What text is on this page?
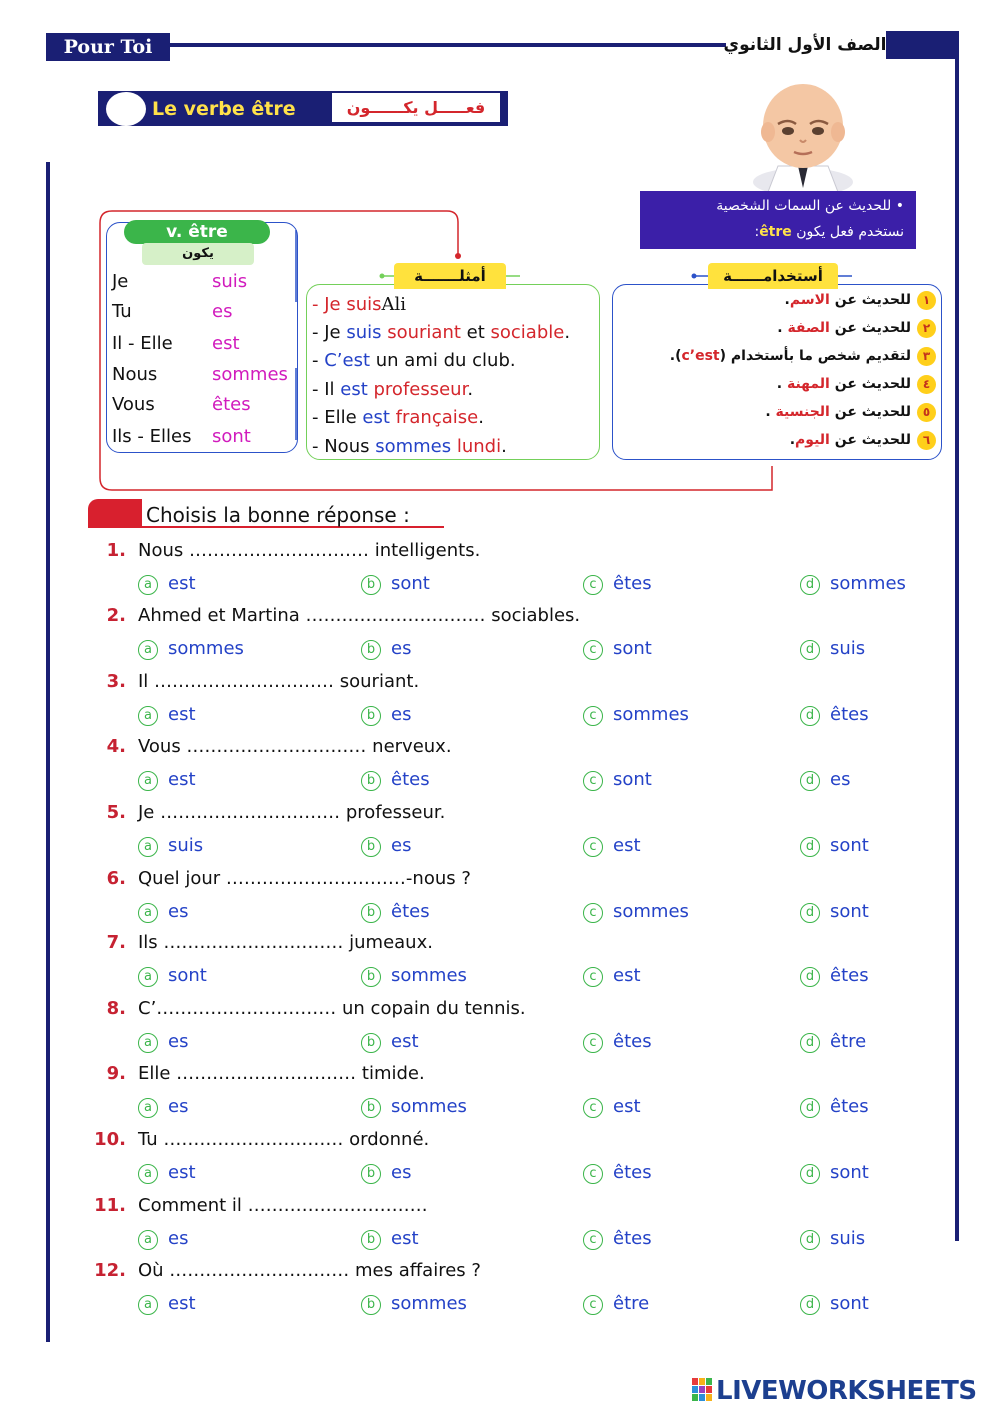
Pour Toi	الصف الأول الثانوي
Le verbe être	فعـــــل يكــــــون
• للحديث عن السمات الشخصية
نستخدم فعل يكون être:
v. être
يكون
Je	suis
Tu	es
Il - Elle est
Nous	sommes
Vous	êtes
Ils - Elles sont
أمثلـــــــة
- Je suisAli
- Je suis souriant et sociable.
- C’est un ami du club.
- Il est professeur.
- Elle est française.
- Nous sommes lundi.
أستخدامــــــة
١للحديث عن الاسم.
٢للحديث عن الصفة .
٣لتقديم شخص ما بأستخدام (c’est).
٤للحديث عن المهنة .
٥للحديث عن الجنسية .
٦للحديث عن اليوم.
Choisis la bonne réponse :
1. Nous ………………………… intelligents.
a est	b sont	c êtes	d sommes
2. Ahmed et Martina ………………………… sociables.
a sommes	b es	c sont	d suis
3. Il ………………………… souriant.
a est	b es	c sommes	d êtes
4. Vous ………………………… nerveux.
a est	b êtes	c sont	d es
5. Je ………………………… professeur.
a suis	b es	c est	d sont
6. Quel jour …………………………-nous ?
a es	b êtes	c sommes	d sont
7. Ils ………………………… jumeaux.
a sont	b sommes	c est	d êtes
8. C’………………………… un copain du tennis.
a es	b est	c êtes	d être
9. Elle ………………………… timide.
a es	b sommes	c est	d êtes
10. Tu ………………………… ordonné.
a est	b es	c êtes	d sont
11. Comment il …………………………
a es	b est	c êtes	d suis
12. Où ………………………… mes affaires ?
a est	b sommes	c être	d sont
LIVEWORKSHEETS
